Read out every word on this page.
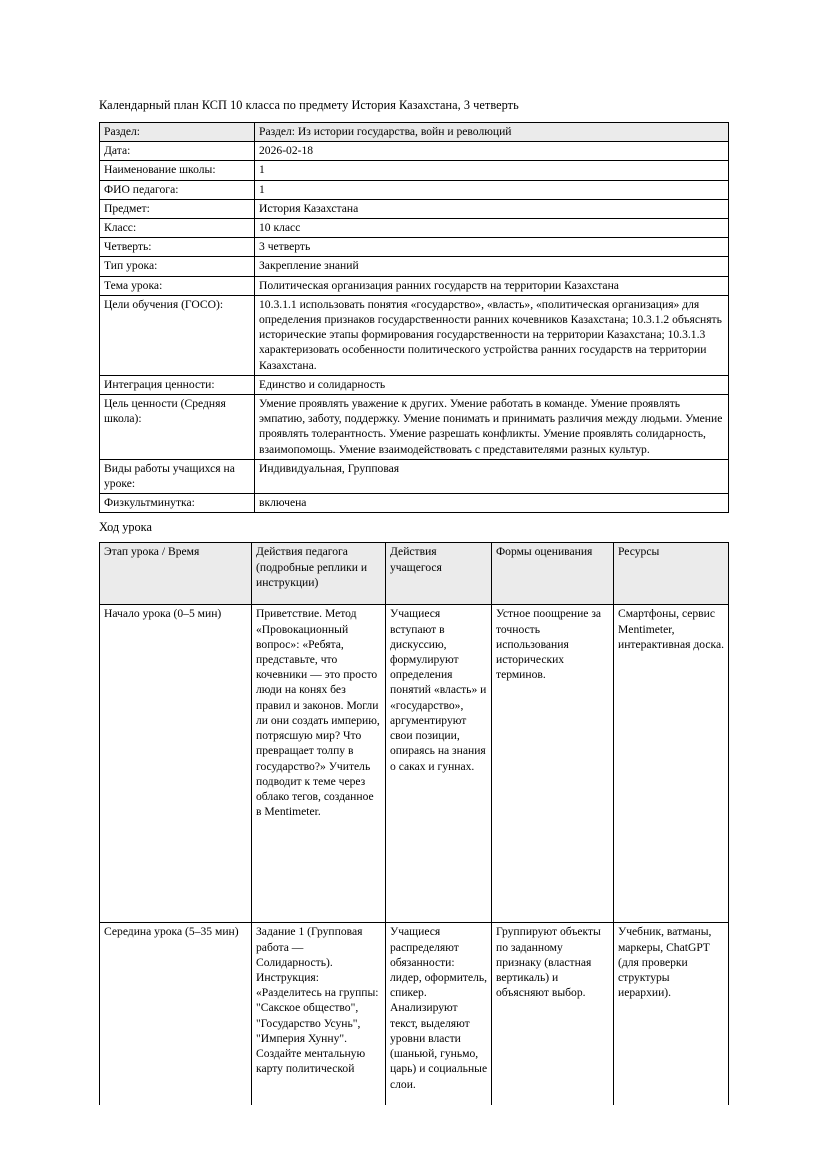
Календарный план КСП 10 класса по предмету История Казахстана, 3 четверть
Раздел:	Раздел: Из истории государства, войн и революций
Дата:	2026-02-18
Наименование школы:	1
ФИО педагога:	1
Предмет:	История Казахстана
Класс:	10 класс
Четверть:	3 четверть
Тип урока:	Закрепление знаний
Тема урока:	Политическая организация ранних государств на территории Казахстана
Цели обучения (ГОСО):	10.3.1.1 использовать понятия «государство», «власть», «политическая организация» для определения признаков государственности ранних кочевников Казахстана; 10.3.1.2 объяснять исторические этапы формирования государственности на территории Казахстана; 10.3.1.3 характеризовать особенности политического устройства ранних государств на территории Казахстана.
Интеграция ценности:	Единство и солидарность
Цель ценности (Средняя школа):	Умение проявлять уважение к других. Умение работать в команде. Умение проявлять эмпатию, заботу, поддержку. Умение понимать и принимать различия между людьми. Умение проявлять толерантность. Умение разрешать конфликты. Умение проявлять солидарность, взаимопомощь. Умение взаимодействовать с представителями разных культур.
Виды работы учащихся на уроке:	Индивидуальная, Групповая
Физкультминутка:	включена
Ход урока
Этап урока / Время	Действия педагога (подробные реплики и инструкции)	Действия учащегося	Формы оценивания	Ресурсы
Начало урока (0–5 мин)	Приветствие. Метод «Провокационный вопрос»: «Ребята, представьте, что кочевники — это просто люди на конях без правил и законов. Могли ли они создать империю, потрясшую мир? Что превращает толпу в государство?» Учитель подводит к теме через облако тегов, созданное в Mentimeter.	Учащиеся вступают в дискуссию, формулируют определения понятий «власть» и «государство», аргументируют свои позиции, опираясь на знания о саках и гуннах.	Устное поощрение за точность использования исторических терминов.	Смартфоны, сервис Mentimeter, интерактивная доска.
Середина урока (5–35 мин)	Задание 1 (Групповая работа — Солидарность). Инструкция: «Разделитесь на группы: "Сакское общество", "Государство Усунь", "Империя Хунну". Создайте ментальную карту политической	Учащиеся распределяют обязанности: лидер, оформитель, спикер. Анализируют текст, выделяют уровни власти (шаньюй, гуньмо, царь) и социальные слои.	Группируют объекты по заданному признаку (властная вертикаль) и объясняют выбор.	Учебник, ватманы, маркеры, ChatGPT (для проверки структуры иерархии).
